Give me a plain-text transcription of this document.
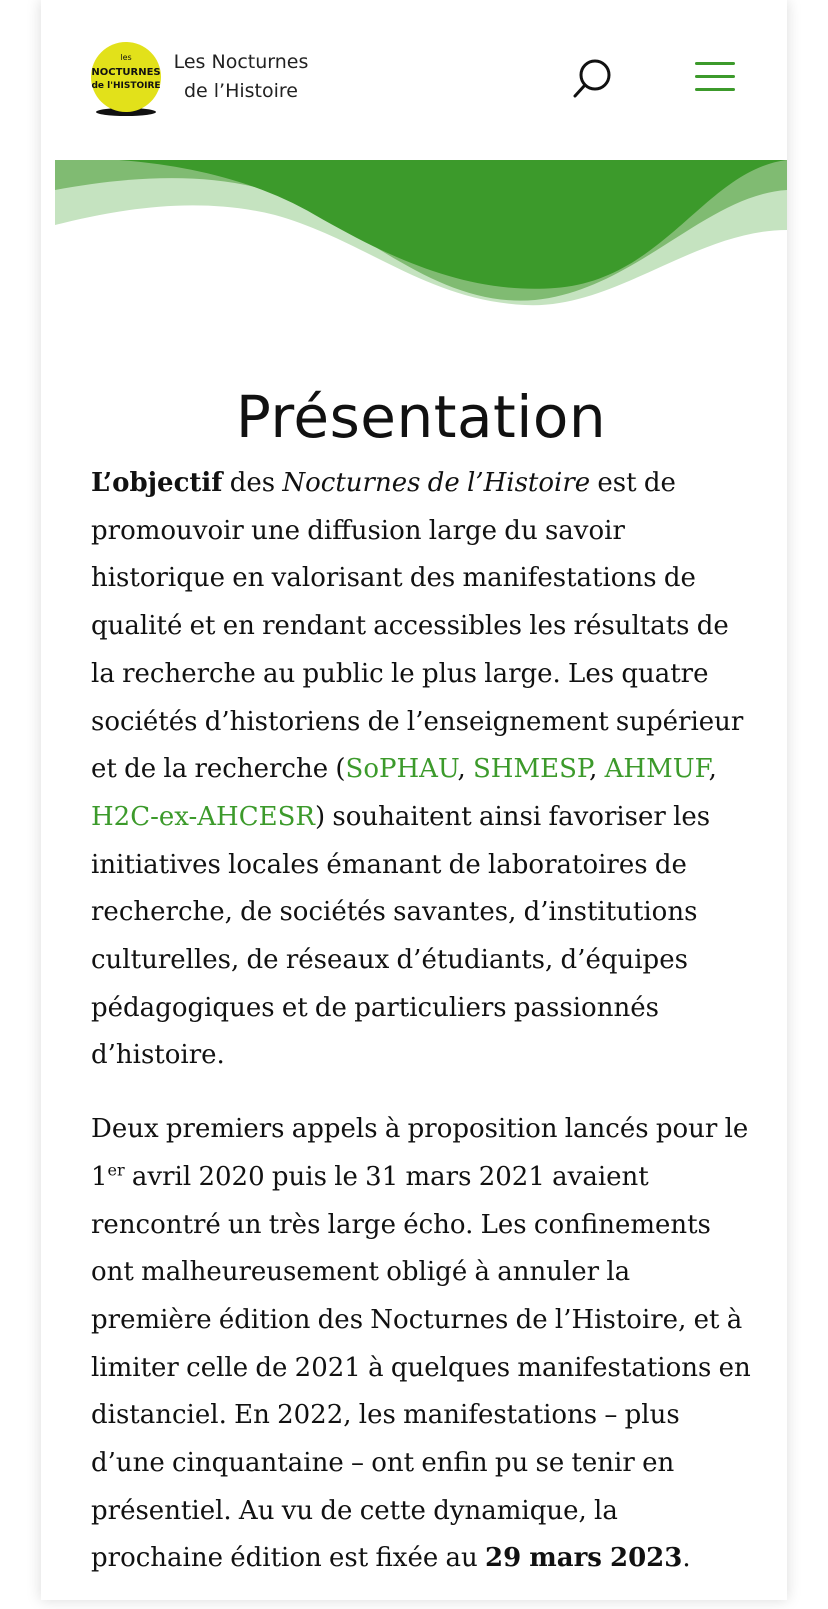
les
NOCTURNES
de l'HISTOIRE
Les Nocturnes
de l’Histoire
Présentation

L’objectif des Nocturnes de l’Histoire est de promouvoir une diffusion large du savoir historique en valorisant des manifestations de qualité et en rendant accessibles les résultats de la recherche au public le plus large. Les quatre sociétés d’historiens de l’enseignement supérieur et de la recherche (SoPHAU, SHMESP, AHMUF, H2C-ex-AHCESR) souhaitent ainsi favoriser les initiatives locales émanant de laboratoires de recherche, de sociétés savantes, d’institutions culturelles, de réseaux d’étudiants, d’équipes pédagogiques et de particuliers passionnés d’histoire.

Deux premiers appels à proposition lancés pour le 1er avril 2020 puis le 31 mars 2021 avaient rencontré un très large écho. Les confinements ont malheureusement obligé à annuler la première édition des Nocturnes de l’Histoire, et à limiter celle de 2021 à quelques manifestations en distanciel. En 2022, les manifestations – plus d’une cinquantaine – ont enfin pu se tenir en présentiel. Au vu de cette dynamique, la prochaine édition est fixée au 29 mars 2023.
